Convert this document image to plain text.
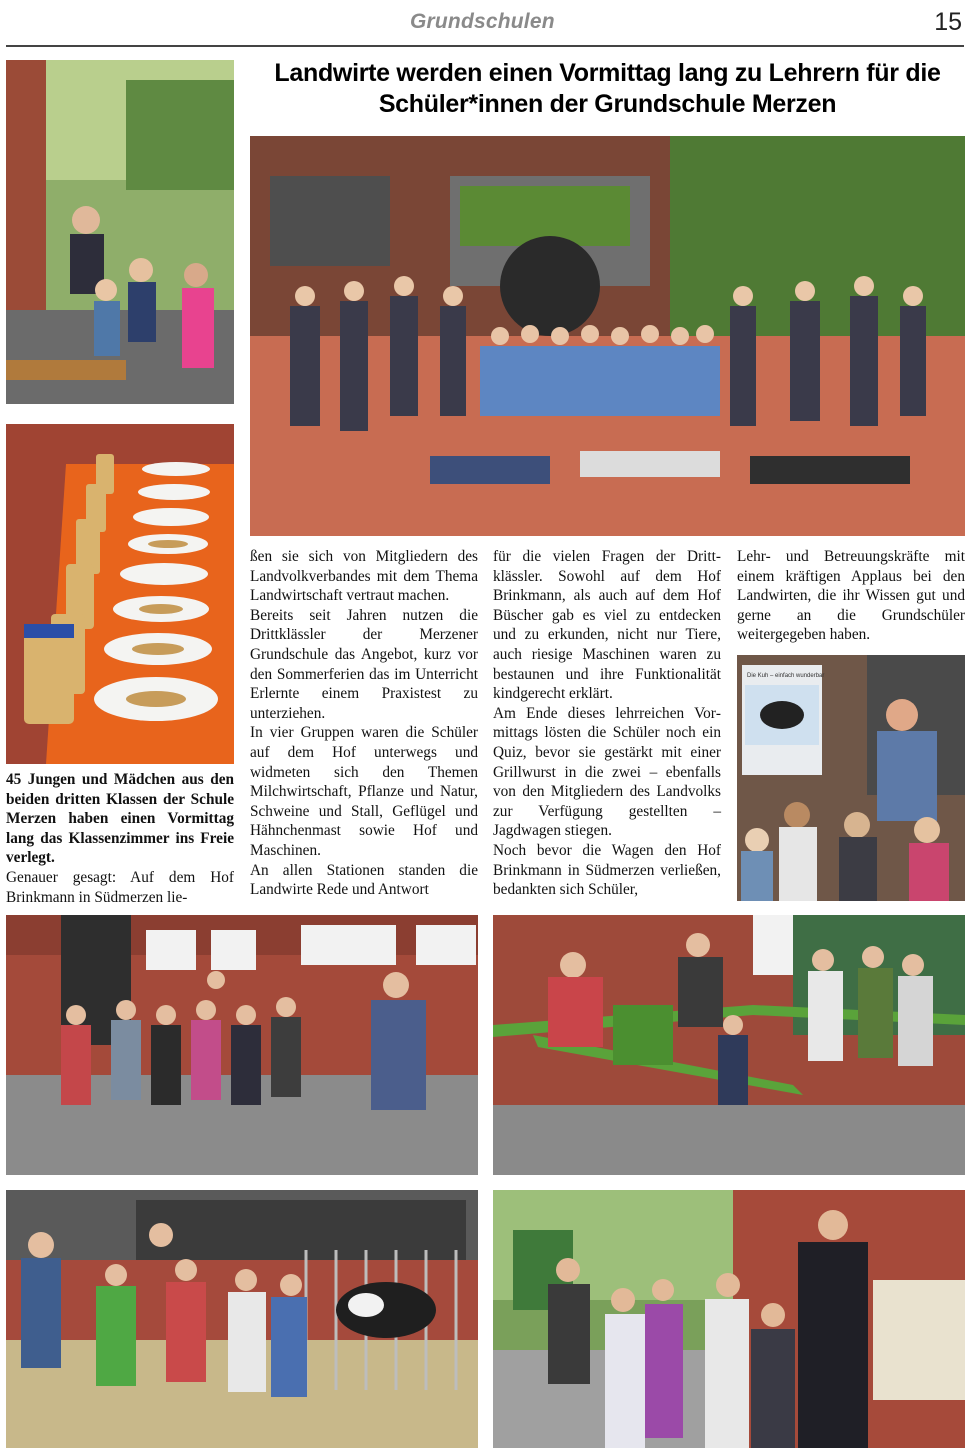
Grundschulen	15
Landwirte werden einen Vormittag lang zu Lehrern für die
Schüler*innen der Grundschule Merzen

45 Jungen und Mädchen aus den beiden dritten Klassen der Schule Merzen haben einen Vormittag lang das Klassenzimmer ins Freie verlegt.

Genauer gesagt: Auf dem Hof Brinkmann in Südmerzen lie-

ßen sie sich von Mitgliedern des Landvolkverbandes mit dem Thema Landwirtschaft vertraut machen.

Bereits seit Jahren nutzen die Drittklässler der Merzener Grundschule das Angebot, kurz vor den Sommerferien das im Unterricht Erlernte einem Praxistest zu unterziehen.

In vier Gruppen waren die Schüler auf dem Hof unterwegs und widmeten sich den Themen Milchwirtschaft, Pflanze und Natur, Schweine und Stall, Geflügel und Hähnchenmast sowie Hof und Maschinen.

An allen Stationen standen die Landwirte Rede und Antwort

für die vielen Fragen der Drittklässler. Sowohl auf dem Hof Brinkmann, als auch auf dem Hof Büscher gab es viel zu entdecken und zu erkunden, nicht nur Tiere, auch riesige Maschinen waren zu bestaunen und ihre Funktionalität kindgerecht erklärt.

Am Ende dieses lehrreichen Vormittags lösten die Schüler noch ein Quiz, bevor sie gestärkt mit einer Grillwurst in die zwei – ebenfalls von den Mitgliedern des Landvolks zur Verfügung gestellten – Jagdwagen stiegen.

Noch bevor die Wagen den Hof Brinkmann in Südmerzen verließen, bedankten sich Schüler,

Lehr- und Betreuungskräfte mit einem kräftigen Applaus bei den Landwirten, die ihr Wissen gut und gerne an die Grundschüler weitergegeben haben.

Die Kuh – einfach wunderbar
